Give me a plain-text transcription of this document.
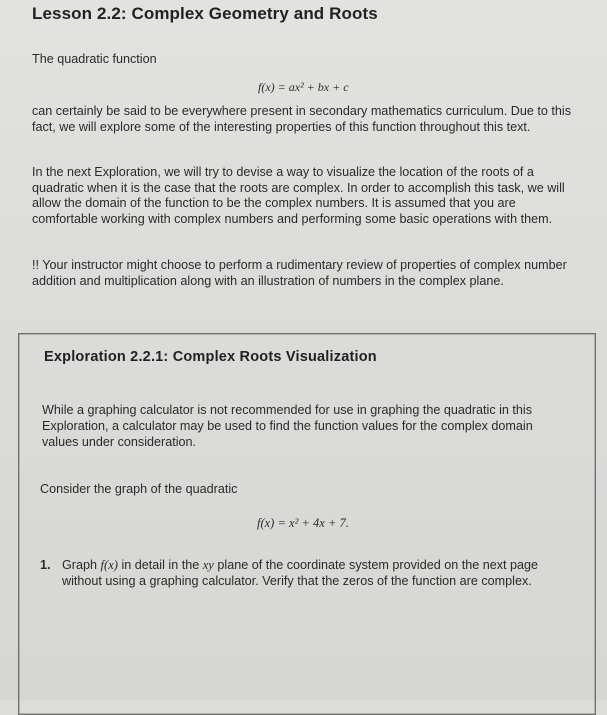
Lesson 2.2: Complex Geometry and Roots
The quadratic function
f(x) = ax² + bx + c
can certainly be said to be everywhere present in secondary mathematics curriculum. Due to this fact, we will explore some of the interesting properties of this function throughout this text.
In the next Exploration, we will try to devise a way to visualize the location of the roots of a quadratic when it is the case that the roots are complex. In order to accomplish this task, we will allow the domain of the function to be the complex numbers. It is assumed that you are comfortable working with complex numbers and performing some basic operations with them.
!! Your instructor might choose to perform a rudimentary review of properties of complex number addition and multiplication along with an illustration of numbers in the complex plane.
Exploration 2.2.1: Complex Roots Visualization
While a graphing calculator is not recommended for use in graphing the quadratic in this Exploration, a calculator may be used to find the function values for the complex domain values under consideration.
Consider the graph of the quadratic
f(x) = x² + 4x + 7.
1. Graph f(x) in detail in the xy plane of the coordinate system provided on the next page without using a graphing calculator. Verify that the zeros of the function are complex.
